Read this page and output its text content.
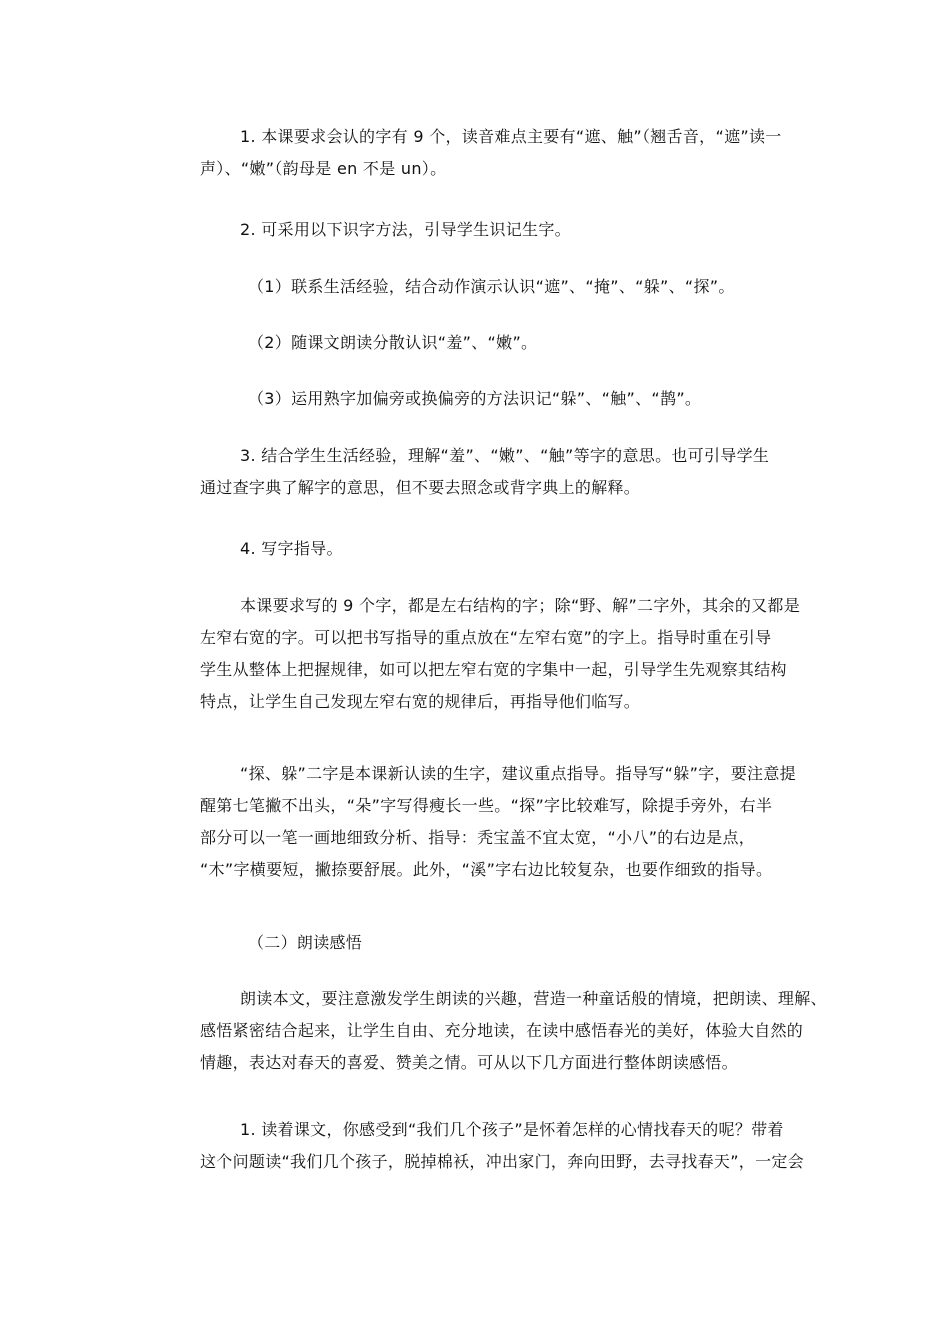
1. 本课要求会认的字有 9 个，读音难点主要有“遮、触”（翘舌音，“遮”读一
声）、“嫩”（韵母是 en 不是 un）。
2. 可采用以下识字方法，引导学生识记生字。
（1）联系生活经验，结合动作演示认识“遮”、“掩”、“躲”、“探”。
（2）随课文朗读分散认识“羞”、“嫩”。
（3）运用熟字加偏旁或换偏旁的方法识记“躲”、“触”、“鹊”。
3. 结合学生生活经验，理解“羞”、“嫩”、“触”等字的意思。也可引导学生
通过查字典了解字的意思，但不要去照念或背字典上的解释。
4. 写字指导。
本课要求写的 9 个字，都是左右结构的字；除“野、解”二字外，其余的又都是
左窄右宽的字。可以把书写指导的重点放在“左窄右宽”的字上。指导时重在引导
学生从整体上把握规律，如可以把左窄右宽的字集中一起，引导学生先观察其结构
特点，让学生自己发现左窄右宽的规律后，再指导他们临写。
“探、躲”二字是本课新认读的生字，建议重点指导。指导写“躲”字，要注意提
醒第七笔撇不出头，“朵”字写得瘦长一些。“探”字比较难写，除提手旁外，右半
部分可以一笔一画地细致分析、指导：秃宝盖不宜太宽，“小八”的右边是点，
“木”字横要短，撇捺要舒展。此外，“溪”字右边比较复杂，也要作细致的指导。
（二）朗读感悟
朗读本文，要注意激发学生朗读的兴趣，营造一种童话般的情境，把朗读、理解、
感悟紧密结合起来，让学生自由、充分地读，在读中感悟春光的美好，体验大自然的
情趣，表达对春天的喜爱、赞美之情。可从以下几方面进行整体朗读感悟。
1. 读着课文，你感受到“我们几个孩子”是怀着怎样的心情找春天的呢？带着
这个问题读“我们几个孩子，脱掉棉袄，冲出家门，奔向田野，去寻找春天”，一定会
